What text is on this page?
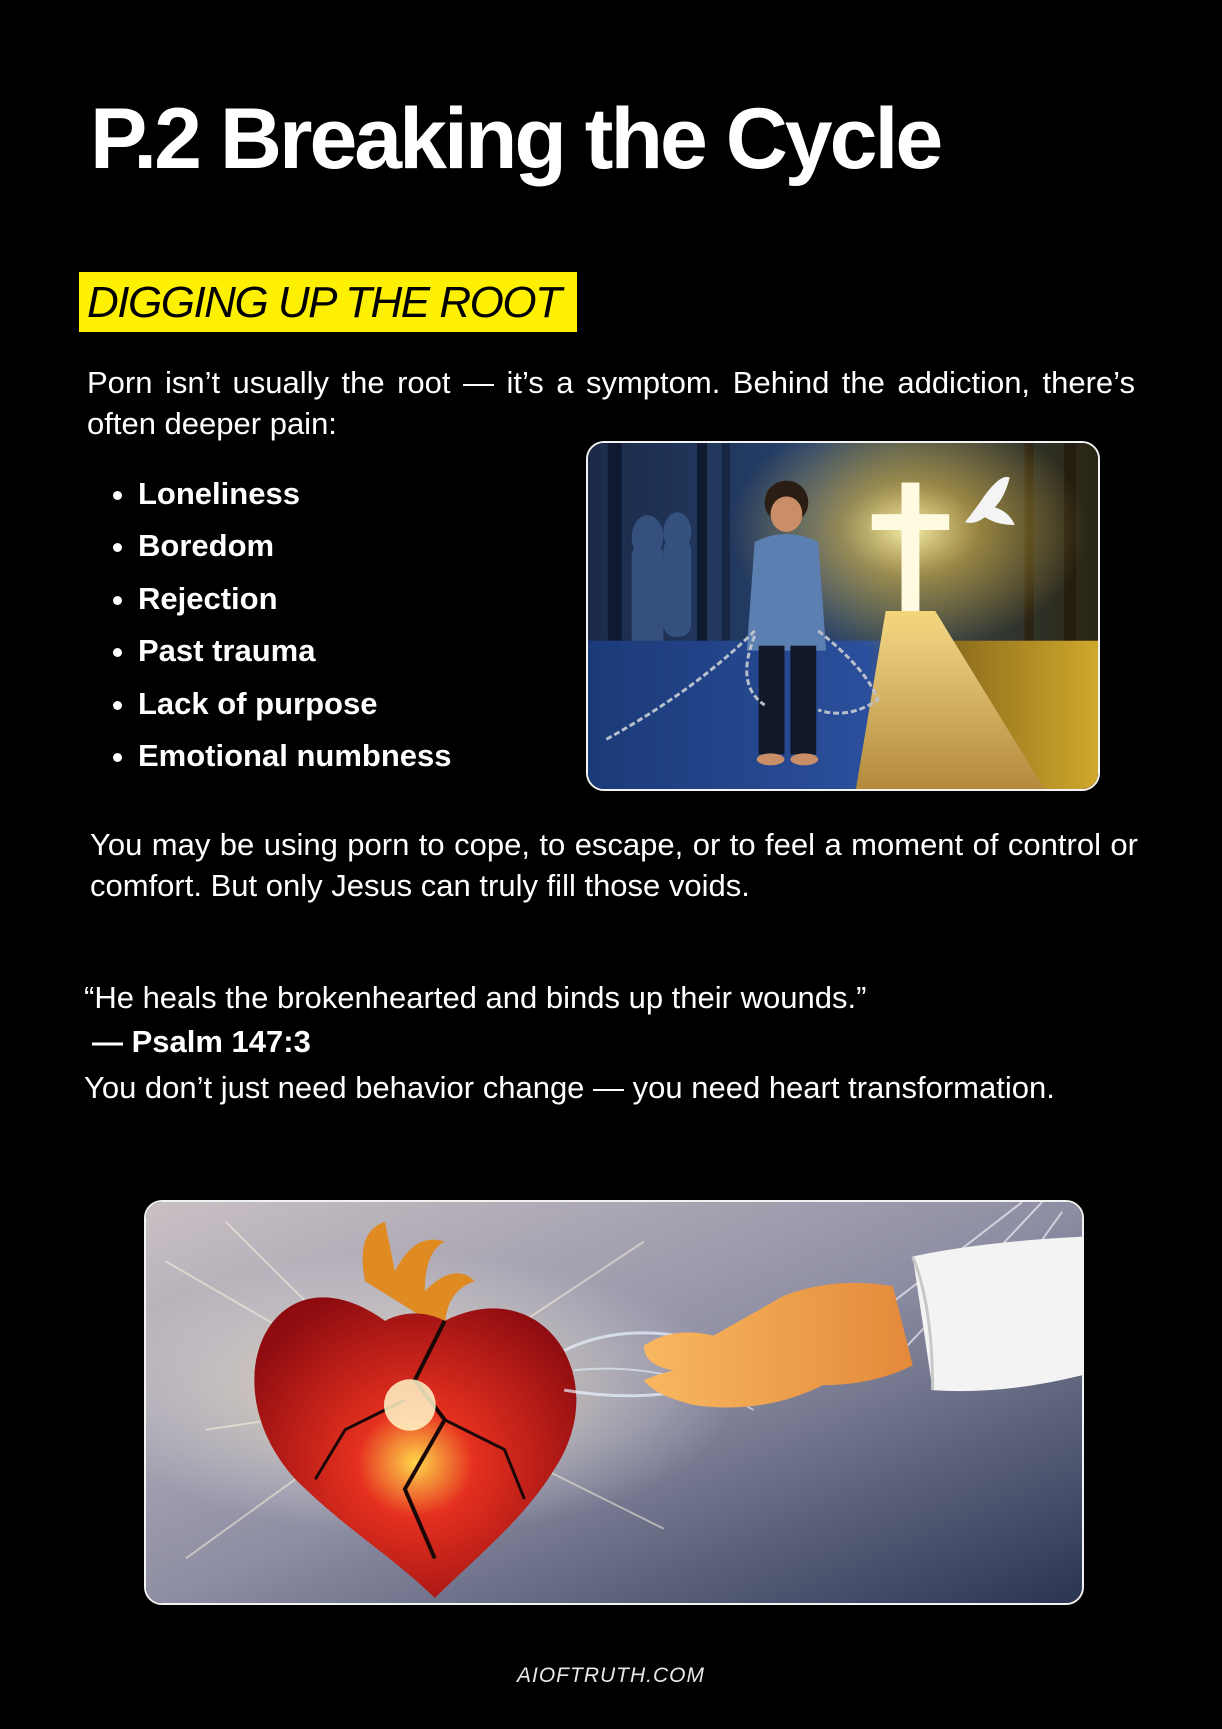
P.2 Breaking the Cycle
DIGGING UP THE ROOT
Porn isn’t usually the root — it’s a symptom. Behind the addiction, there’s often deeper pain:
• Loneliness
• Boredom
• Rejection
• Past trauma
• Lack of purpose
• Emotional numbness
You may be using porn to cope, to escape, or to feel a moment of control or comfort. But only Jesus can truly fill those voids.
“He heals the brokenhearted and binds up their wounds.”
— Psalm 147:3
You don’t just need behavior change — you need heart transformation.
AIOFTRUTH.COM
